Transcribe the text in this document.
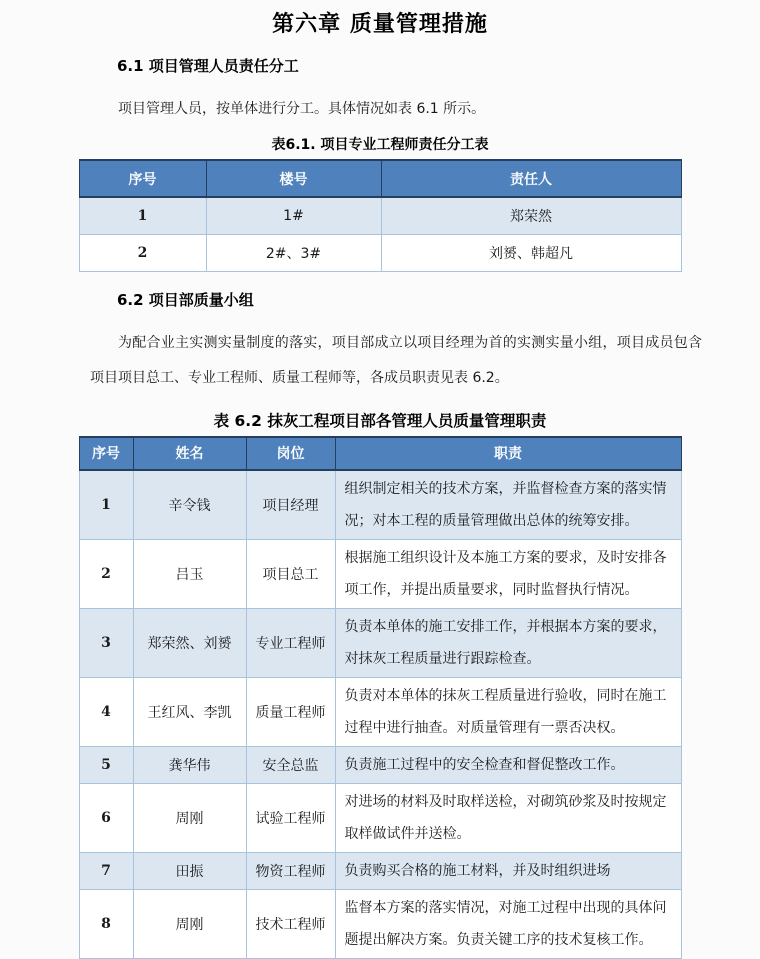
第六章 质量管理措施
6.1 项目管理人员责任分工
项目管理人员，按单体进行分工。具体情况如表 6.1 所示。
表6.1. 项目专业工程师责任分工表
序号	楼号	责任人
1	1#	郑荣然
2	2#、3#	刘赟、韩超凡
6.2 项目部质量小组
为配合业主实测实量制度的落实，项目部成立以项目经理为首的实测实量小组，项目成员包含项目项目总工、专业工程师、质量工程师等，各成员职责见表 6.2。
表 6.2 抹灰工程项目部各管理人员质量管理职责
序号	姓名	岗位	职责
1	辛令钱	项目经理	组织制定相关的技术方案，并监督检查方案的落实情况；对本工程的质量管理做出总体的统筹安排。
2	吕玉	项目总工	根据施工组织设计及本施工方案的要求，及时安排各项工作，并提出质量要求，同时监督执行情况。
3	郑荣然、刘赟	专业工程师	负责本单体的施工安排工作，并根据本方案的要求，对抹灰工程质量进行跟踪检查。
4	王红风、李凯	质量工程师	负责对本单体的抹灰工程质量进行验收，同时在施工过程中进行抽查。对质量管理有一票否决权。
5	龚华伟	安全总监	负责施工过程中的安全检查和督促整改工作。
6	周刚	试验工程师	对进场的材料及时取样送检，对砌筑砂浆及时按规定取样做试件并送检。
7	田振	物资工程师	负责购买合格的施工材料，并及时组织进场
8	周刚	技术工程师	监督本方案的落实情况，对施工过程中出现的具体问题提出解决方案。负责关键工序的技术复核工作。
